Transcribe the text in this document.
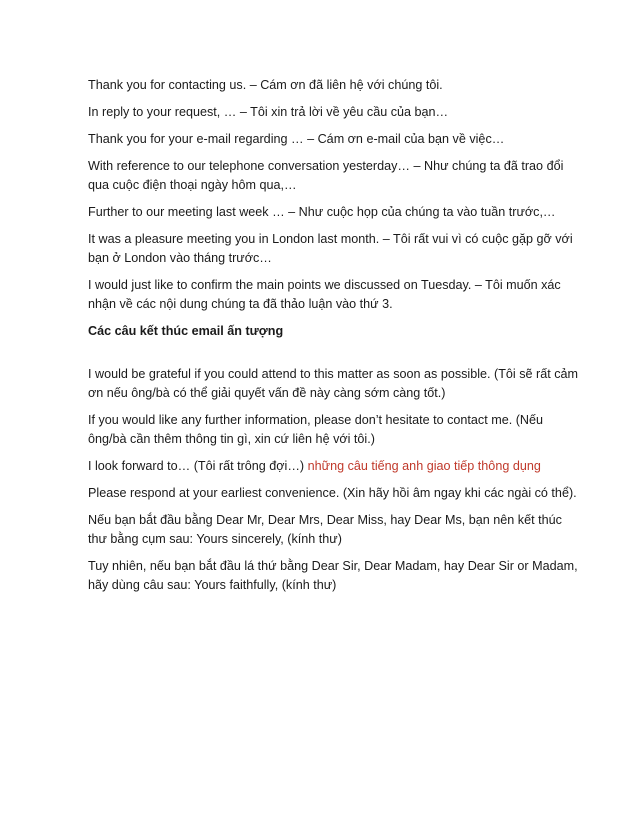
Thank you for contacting us. – Cám ơn đã liên hệ với chúng tôi.

In reply to your request, … – Tôi xin trả lời về yêu cầu của bạn…

Thank you for your e-mail regarding … – Cám ơn e-mail của bạn về việc…

With reference to our telephone conversation yesterday… – Như chúng ta đã trao đổi qua cuộc điện thoại ngày hôm qua,…

Further to our meeting last week … – Như cuộc họp của chúng ta vào tuần trước,…

It was a pleasure meeting you in London last month. – Tôi rất vui vì có cuộc gặp gỡ với bạn ở London vào tháng trước…

I would just like to confirm the main points we discussed on Tuesday. – Tôi muốn xác nhận về các nội dung chúng ta đã thảo luận vào thứ 3.

Các câu kết thúc email ấn tượng

I would be grateful if you could attend to this matter as soon as possible. (Tôi sẽ rất cảm ơn nếu ông/bà có thể giải quyết vấn đề này càng sớm càng tốt.)

If you would like any further information, please don’t hesitate to contact me. (Nếu ông/bà cần thêm thông tin gì, xin cứ liên hệ với tôi.)

I look forward to… (Tôi rất trông đợi…) những câu tiếng anh giao tiếp thông dụng

Please respond at your earliest convenience. (Xin hãy hồi âm ngay khi các ngài có thể).

Nếu bạn bắt đầu bằng Dear Mr, Dear Mrs, Dear Miss, hay Dear Ms, bạn nên kết thúc thư bằng cụm sau: Yours sincerely, (kính thư)

Tuy nhiên, nếu bạn bắt đầu lá thứ bằng Dear Sir, Dear Madam, hay Dear Sir or Madam, hãy dùng câu sau: Yours faithfully, (kính thư)
